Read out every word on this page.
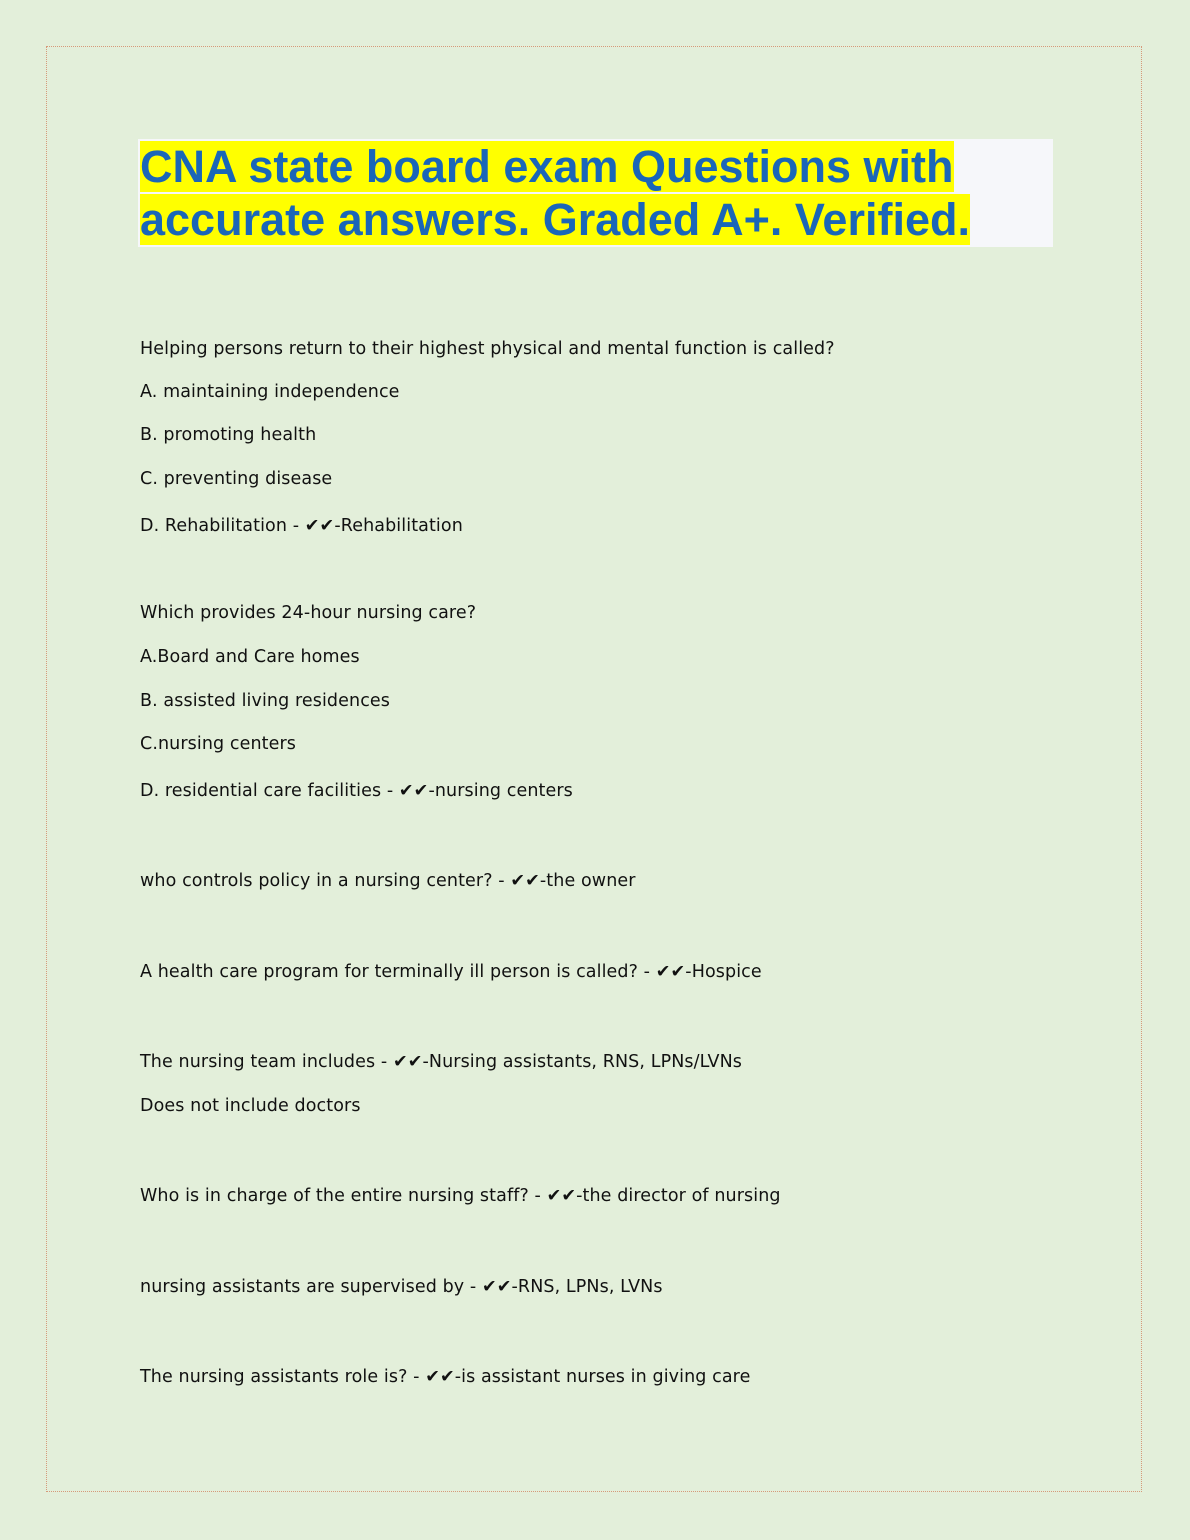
CNA state board exam Questions with
accurate answers. Graded A+. Verified.
Helping persons return to their highest physical and mental function is called?
A. maintaining independence
B. promoting health
C. preventing disease
D. Rehabilitation - ✔✔-Rehabilitation
Which provides 24-hour nursing care?
A.Board and Care homes
B. assisted living residences
C.nursing centers
D. residential care facilities - ✔✔-nursing centers
who controls policy in a nursing center? - ✔✔-the owner
A health care program for terminally ill person is called? - ✔✔-Hospice
The nursing team includes - ✔✔-Nursing assistants, RNS, LPNs/LVNs
Does not include doctors
Who is in charge of the entire nursing staff? - ✔✔-the director of nursing
nursing assistants are supervised by - ✔✔-RNS, LPNs, LVNs
The nursing assistants role is? - ✔✔-is assistant nurses in giving care
